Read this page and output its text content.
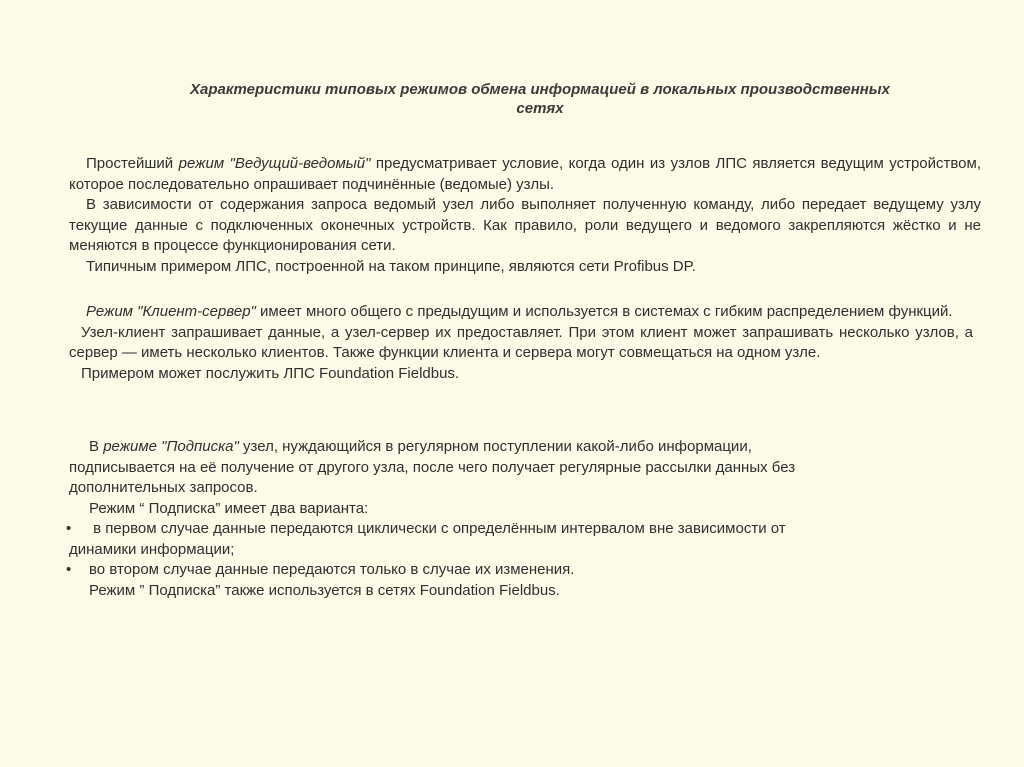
Характеристики типовых режимов обмена информацией в локальных производственных
сетях

Простейший режим "Ведущий-ведомый" предусматривает условие, когда один из узлов ЛПС является ведущим устройством, которое последовательно опрашивает подчинённые (ведомые) узлы.

В зависимости от содержания запроса ведомый узел либо выполняет полученную команду, либо передает ведущему узлу текущие данные с подключенных оконечных устройств. Как правило, роли ведущего и ведомого закрепляются жёстко и не меняются в процессе функционирования сети.

Типичным примером ЛПС, построенной на таком принципе, являются сети Profibus DP.

Режим "Клиент-сервер" имеет много общего с предыдущим и используется в системах с гибким распределением функций.

Узел-клиент запрашивает данные, а узел-сервер их предоставляет. При этом клиент может запрашивать несколько узлов, а сервер — иметь несколько клиентов. Также функции клиента и сервера могут совмещаться на одном узле.

Примером может послужить ЛПС Foundation Fieldbus.

В режиме "Подписка" узел, нуждающийся в регулярном поступлении какой-либо информации,
подписывается на её получение от другого узла, после чего получает регулярные рассылки данных без
дополнительных запросов.

Режим “ Подписка” имеет два варианта:

• в первом случае данные передаются циклически с определённым интервалом вне зависимости от
динамики информации;

• во втором случае данные передаются только в случае их изменения.

Режим ” Подписка” также используется в сетях Foundation Fieldbus.
